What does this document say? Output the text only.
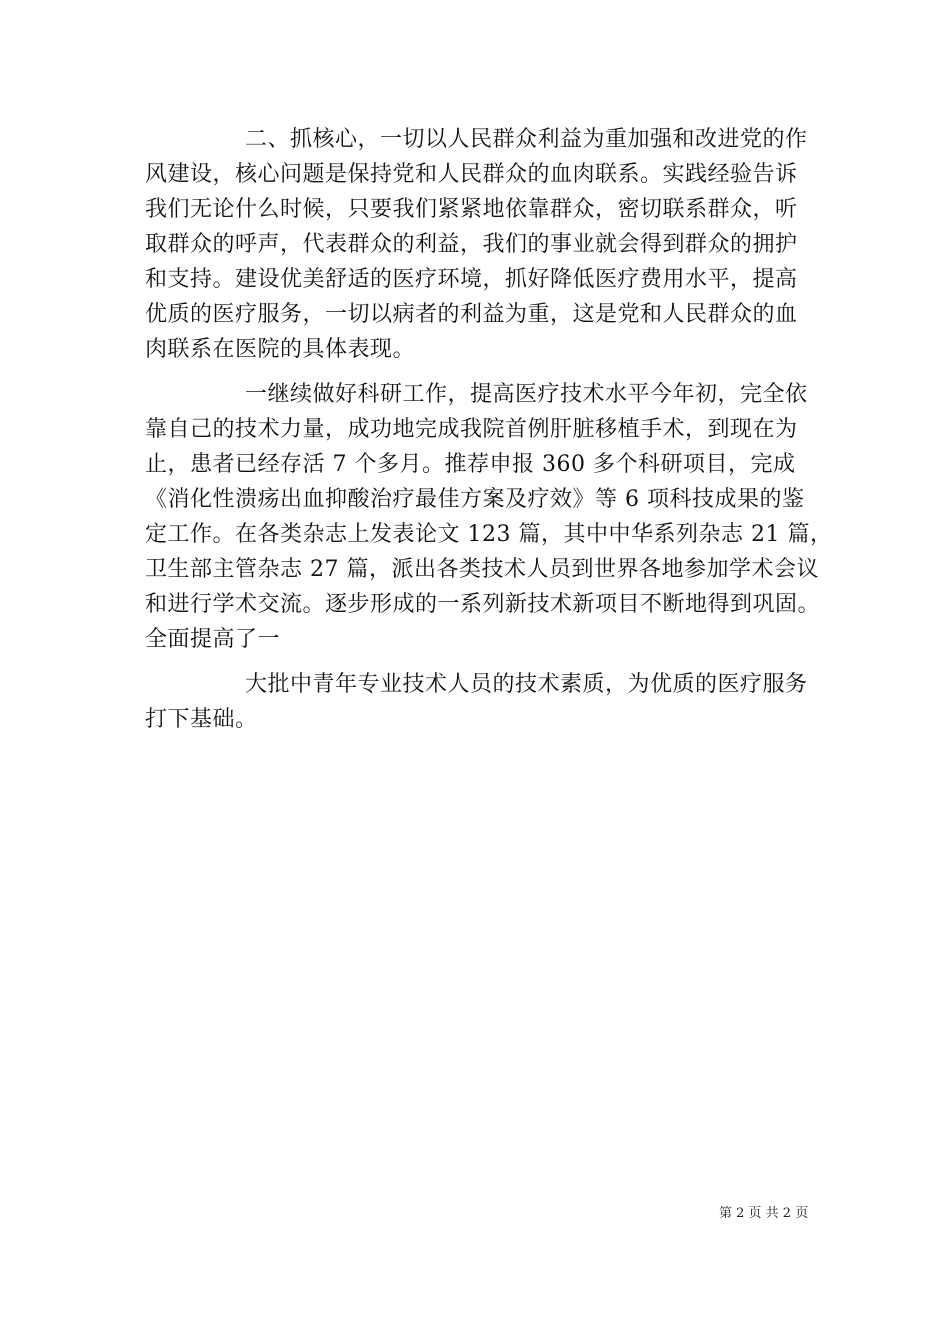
二、抓核心，一切以人民群众利益为重加强和改进党的作
风建设，核心问题是保持党和人民群众的血肉联系。实践经验告诉
我们无论什么时候，只要我们紧紧地依靠群众，密切联系群众，听
取群众的呼声，代表群众的利益，我们的事业就会得到群众的拥护
和支持。建设优美舒适的医疗环境，抓好降低医疗费用水平，提高
优质的医疗服务，一切以病者的利益为重，这是党和人民群众的血
肉联系在医院的具体表现。
一继续做好科研工作，提高医疗技术水平今年初，完全依
靠自己的技术力量，成功地完成我院首例肝脏移植手术，到现在为
止，患者已经存活 7 个多月。推荐申报 360 多个科研项目，完成
《消化性溃疡出血抑酸治疗最佳方案及疗效》等 6 项科技成果的鉴
定工作。在各类杂志上发表论文 123 篇，其中中华系列杂志 21 篇，
卫生部主管杂志 27 篇，派出各类技术人员到世界各地参加学术会议
和进行学术交流。逐步形成的一系列新技术新项目不断地得到巩固。
全面提高了一
大批中青年专业技术人员的技术素质，为优质的医疗服务
打下基础。
第 2 页 共 2 页
